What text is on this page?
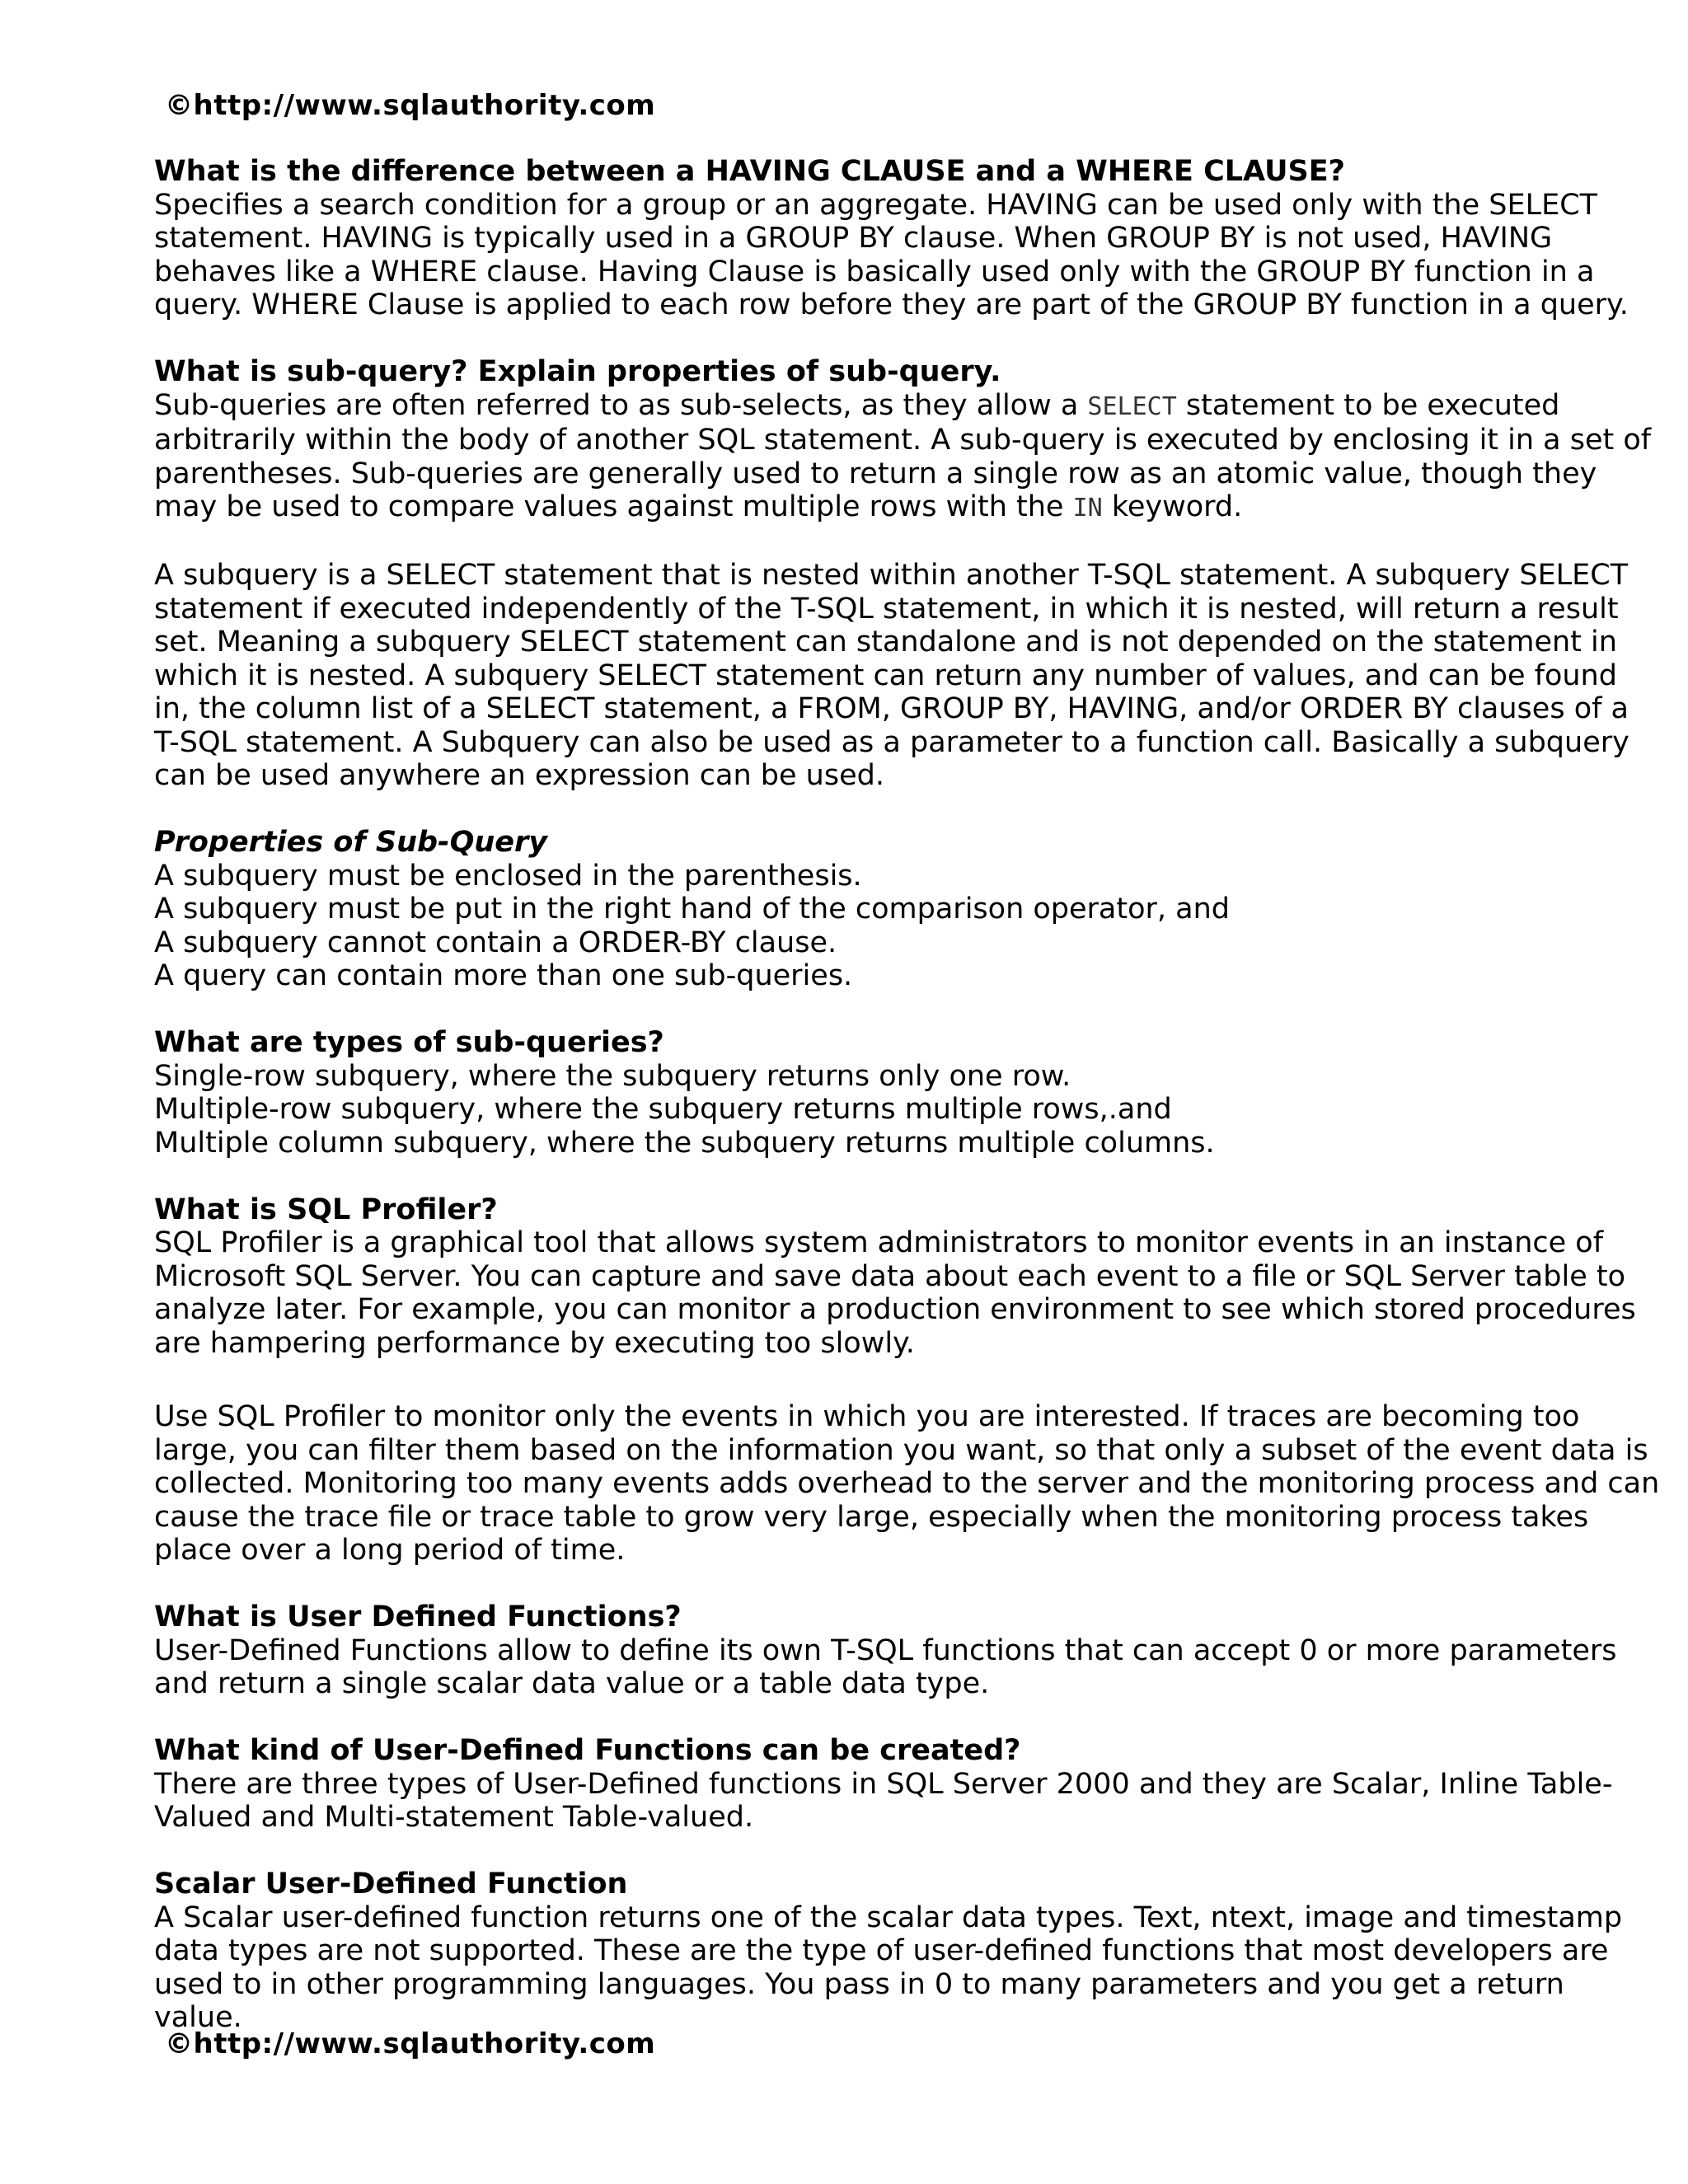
©http://www.sqlauthority.com
What is the difference between a HAVING CLAUSE and a WHERE CLAUSE?
Specifies a search condition for a group or an aggregate. HAVING can be used only with the SELECT
statement. HAVING is typically used in a GROUP BY clause. When GROUP BY is not used, HAVING
behaves like a WHERE clause. Having Clause is basically used only with the GROUP BY function in a
query. WHERE Clause is applied to each row before they are part of the GROUP BY function in a query.
What is sub-query? Explain properties of sub-query.
Sub-queries are often referred to as sub-selects, as they allow a SELECT statement to be executed
arbitrarily within the body of another SQL statement. A sub-query is executed by enclosing it in a set of
parentheses. Sub-queries are generally used to return a single row as an atomic value, though they
may be used to compare values against multiple rows with the IN keyword.
A subquery is a SELECT statement that is nested within another T-SQL statement. A subquery SELECT
statement if executed independently of the T-SQL statement, in which it is nested, will return a result
set. Meaning a subquery SELECT statement can standalone and is not depended on the statement in
which it is nested. A subquery SELECT statement can return any number of values, and can be found
in, the column list of a SELECT statement, a FROM, GROUP BY, HAVING, and/or ORDER BY clauses of a
T-SQL statement. A Subquery can also be used as a parameter to a function call. Basically a subquery
can be used anywhere an expression can be used.
Properties of Sub-Query
A subquery must be enclosed in the parenthesis.
A subquery must be put in the right hand of the comparison operator, and
A subquery cannot contain a ORDER-BY clause.
A query can contain more than one sub-queries.
What are types of sub-queries?
Single-row subquery, where the subquery returns only one row.
Multiple-row subquery, where the subquery returns multiple rows,.and
Multiple column subquery, where the subquery returns multiple columns.
What is SQL Profiler?
SQL Profiler is a graphical tool that allows system administrators to monitor events in an instance of
Microsoft SQL Server. You can capture and save data about each event to a file or SQL Server table to
analyze later. For example, you can monitor a production environment to see which stored procedures
are hampering performance by executing too slowly.
Use SQL Profiler to monitor only the events in which you are interested. If traces are becoming too
large, you can filter them based on the information you want, so that only a subset of the event data is
collected. Monitoring too many events adds overhead to the server and the monitoring process and can
cause the trace file or trace table to grow very large, especially when the monitoring process takes
place over a long period of time.
What is User Defined Functions?
User-Defined Functions allow to define its own T-SQL functions that can accept 0 or more parameters
and return a single scalar data value or a table data type.
What kind of User-Defined Functions can be created?
There are three types of User-Defined functions in SQL Server 2000 and they are Scalar, Inline Table-
Valued and Multi-statement Table-valued.
Scalar User-Defined Function
A Scalar user-defined function returns one of the scalar data types. Text, ntext, image and timestamp
data types are not supported. These are the type of user-defined functions that most developers are
used to in other programming languages. You pass in 0 to many parameters and you get a return
value.
©http://www.sqlauthority.com
